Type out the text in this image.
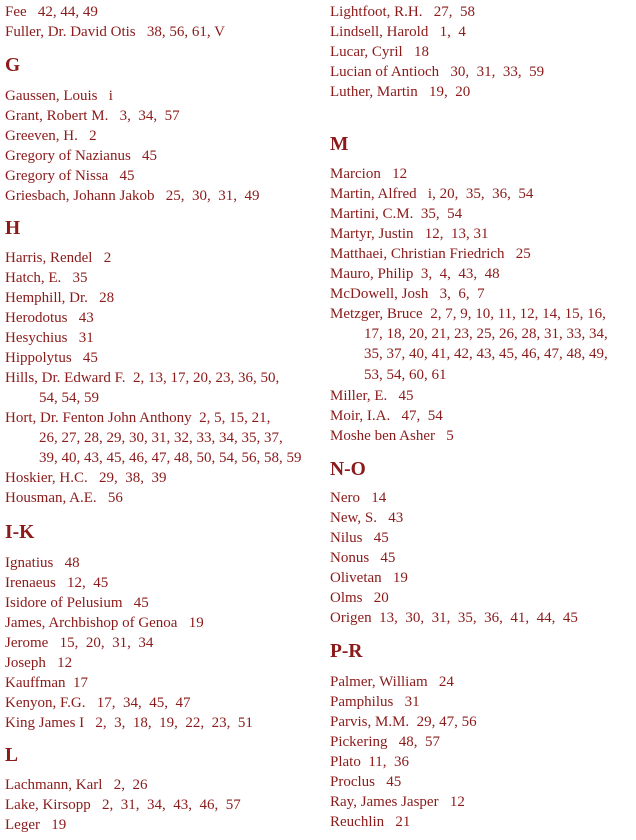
Fee   42, 44, 49
Fuller, Dr. David Otis   38, 56, 61, V
G
Gaussen, Louis   i
Grant, Robert M.   3,  34,  57
Greeven, H.   2
Gregory of Nazianus   45
Gregory of Nissa   45
Griesbach, Johann Jakob   25,  30,  31,  49
H
Harris, Rendel   2
Hatch, E.   35
Hemphill, Dr.   28
Herodotus   43
Hesychius   31
Hippolytus   45
Hills, Dr. Edward F.  2, 13, 17, 20, 23, 36, 50,
54, 54, 59
Hort, Dr. Fenton John Anthony  2, 5, 15, 21,
26, 27, 28, 29, 30, 31, 32, 33, 34, 35, 37,
39, 40, 43, 45, 46, 47, 48, 50, 54, 56, 58, 59
Hoskier, H.C.   29,  38,  39
Housman, A.E.   56
I-K
Ignatius   48
Irenaeus   12,  45
Isidore of Pelusium   45
James, Archbishop of Genoa   19
Jerome   15,  20,  31,  34
Joseph   12
Kauffman  17
Kenyon, F.G.   17,  34,  45,  47
King James I   2,  3,  18,  19,  22,  23,  51
L
Lachmann, Karl   2,  26
Lake, Kirsopp   2,  31,  34,  43,  46,  57
Leger   19
Lightfoot, R.H.   27,  58
Lindsell, Harold   1,  4
Lucar, Cyril   18
Lucian of Antioch   30,  31,  33,  59
Luther, Martin   19,  20
M
Marcion   12
Martin, Alfred   i, 20,  35,  36,  54
Martini, C.M.  35,  54
Martyr, Justin   12,  13, 31
Matthaei, Christian Friedrich   25
Mauro, Philip  3,  4,  43,  48
McDowell, Josh   3,  6,  7
Metzger, Bruce  2, 7, 9, 10, 11, 12, 14, 15, 16,
17, 18, 20, 21, 23, 25, 26, 28, 31, 33, 34,
35, 37, 40, 41, 42, 43, 45, 46, 47, 48, 49,
53, 54, 60, 61
Miller, E.   45
Moir, I.A.   47,  54
Moshe ben Asher   5
N-O
Nero   14
New, S.   43
Nilus   45
Nonus   45
Olivetan   19
Olms   20
Origen  13,  30,  31,  35,  36,  41,  44,  45
P-R
Palmer, William   24
Pamphilus   31
Parvis, M.M.  29, 47, 56
Pickering   48,  57
Plato  11,  36
Proclus   45
Ray, James Jasper   12
Reuchlin   21
